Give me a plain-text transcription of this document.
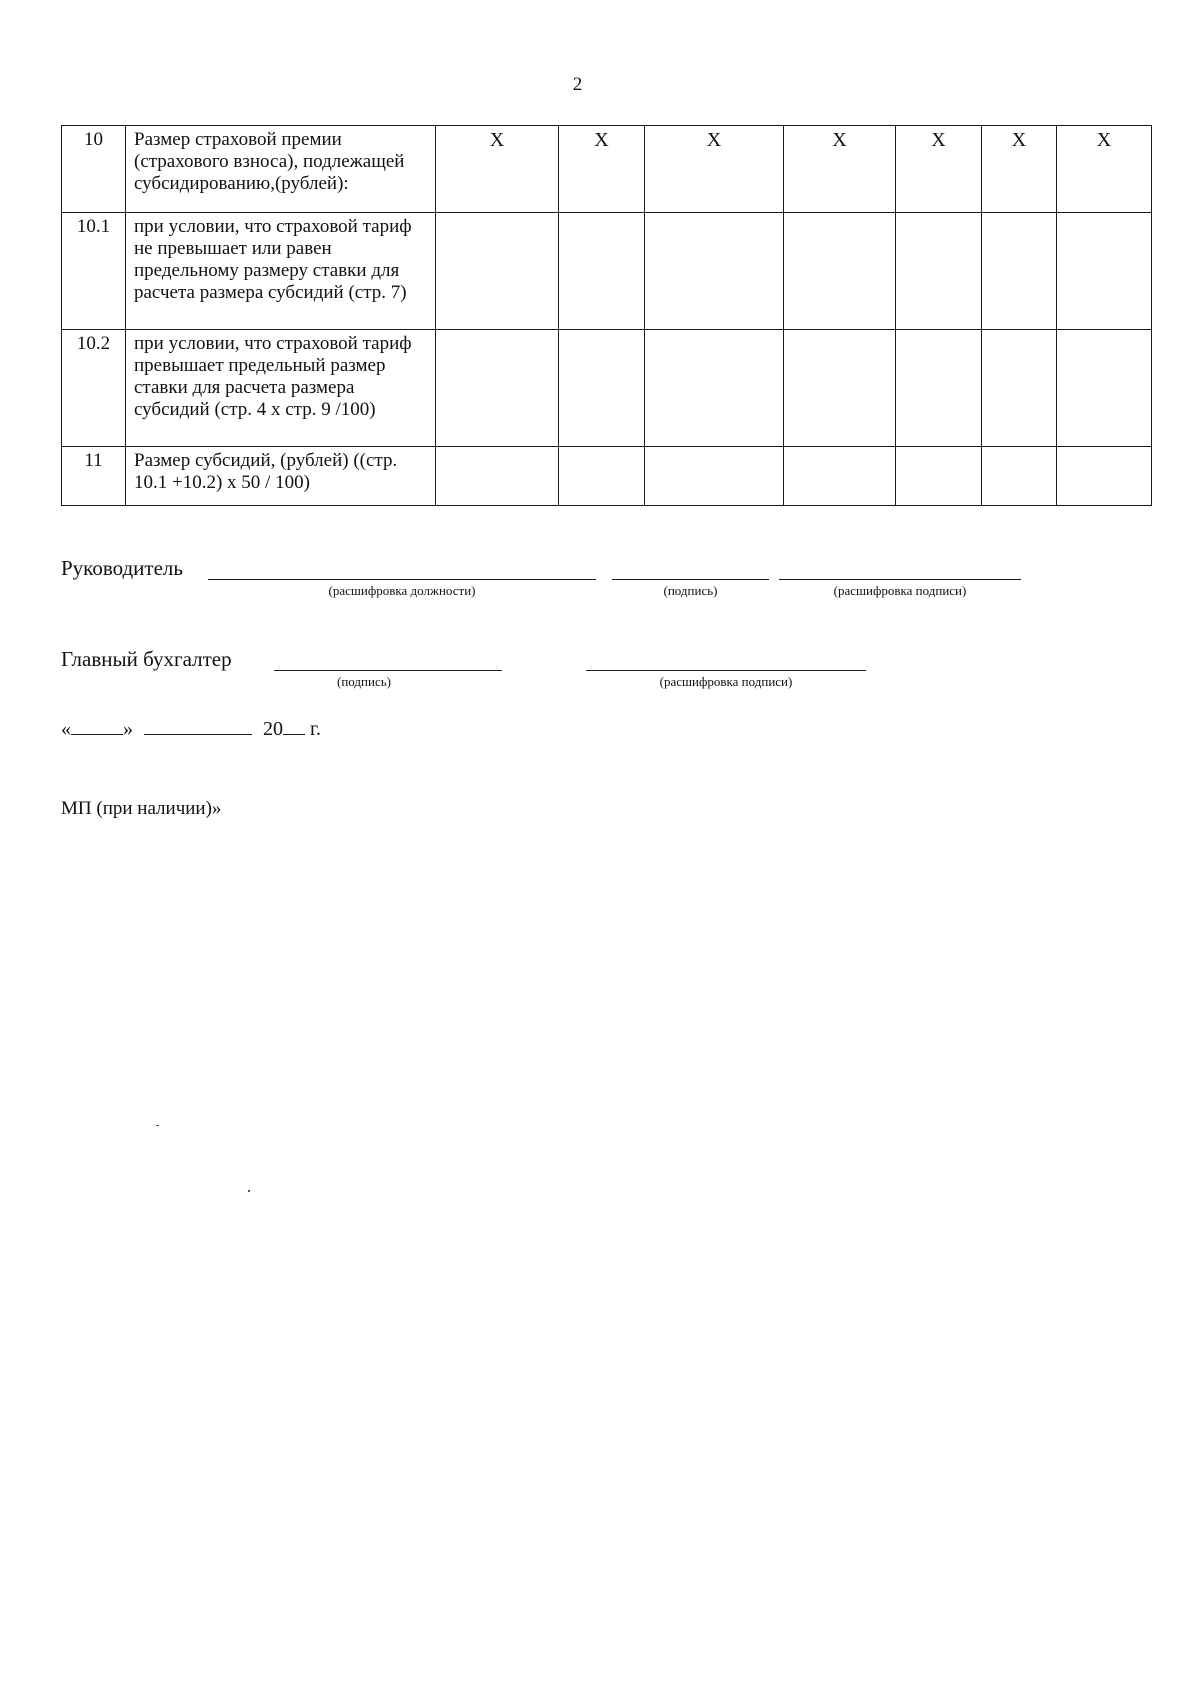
2
10	Размер страховой премии (страхового взноса), подлежащей субсидированию,(рублей):	Х	Х	Х	Х	Х	Х	Х
10.1	при условии, что страховой тариф не превышает или равен предельному размеру ставки для расчета размера субсидий (стр. 7)							
10.2	при условии, что страховой тариф превышает предельный размер ставки для расчета размера субсидий (стр. 4 х стр. 9 /100)							
11	Размер субсидий, (рублей) ((стр. 10.1 +10.2) х 50 / 100)							
Руководитель
(расшифровка должности)	(подпись)	(расшифровка подписи)
Главный бухгалтер
(подпись)	(расшифровка подписи)
«	»	20 г.
МП (при наличии)»
